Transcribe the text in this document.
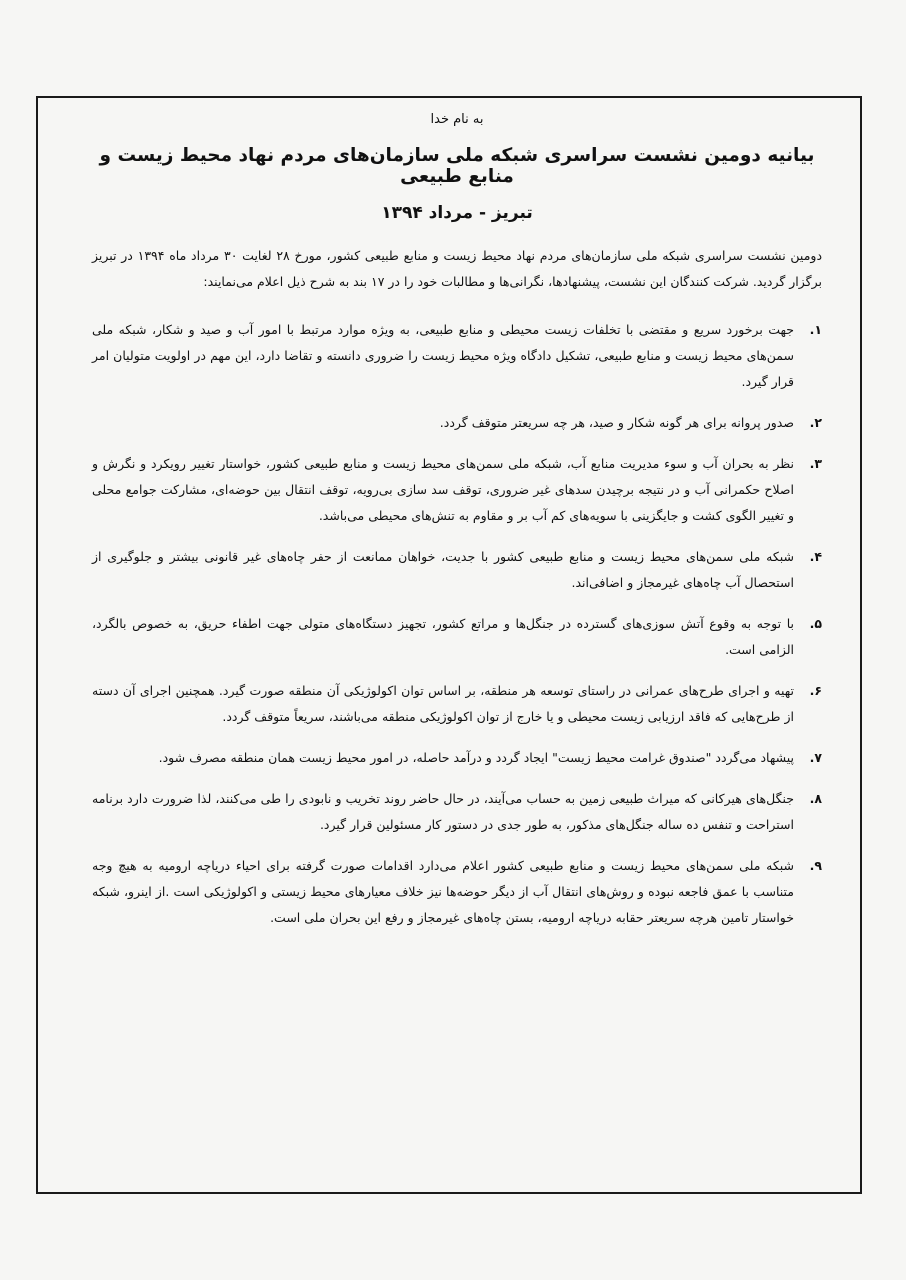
به نام خدا
بیانیه دومین نشست سراسری شبکه ملی سازمان‌های مردم نهاد محیط زیست و منابع طبیعی
تبریز - مرداد ۱۳۹۴
دومین نشست سراسری شبکه ملی سازمان‌های مردم نهاد محیط زیست و منابع طبیعی کشور، مورخ ۲۸ لغایت ۳۰ مرداد ماه ۱۳۹۴ در تبریز برگزار گردید. شرکت کنندگان این نشست، پیشنهادها، نگرانی‌ها و مطالبات خود را در ۱۷ بند به شرح ذیل اعلام می‌نمایند:
۱.
جهت برخورد سریع و مقتضی با تخلفات زیست محیطی و منابع طبیعی، به ویژه موارد مرتبط با امور آب و صید و شکار، شبکه ملی سمن‌های محیط زیست و منابع طبیعی، تشکیل دادگاه ویژه محیط زیست را ضروری دانسته و تقاضا دارد، این مهم در اولویت متولیان امر قرار گیرد.
۲.
صدور پروانه برای هر گونه شکار و صید، هر چه سریعتر متوقف گردد.
۳.
نظر به بحران آب و سوء مدیریت منابع آب، شبکه ملی سمن‌های محیط زیست و منابع طبیعی کشور، خواستار تغییر رویکرد و نگرش و اصلاح حکمرانی آب و در نتیجه برچیدن سدهای غیر ضروری، توقف سد سازی بی‌رویه، توقف انتقال بین حوضه‌ای، مشارکت جوامع محلی و تغییر الگوی کشت و جایگزینی با سویه‌های کم آب بر و مقاوم به تنش‌های محیطی می‌باشد.
۴.
شبکه ملی سمن‌های محیط زیست و منابع طبیعی کشور با جدیت، خواهان ممانعت از حفر چاه‌های غیر قانونی بیشتر و جلوگیری از استحصال آب چاه‌های غیرمجاز و اضافی‌اند.
۵.
با توجه به وقوع آتش سوزی‌های گسترده در جنگل‌ها و مراتع کشور، تجهیز دستگاه‌های متولی جهت اطفاء حریق، به خصوص بالگرد، الزامی است.
۶.
تهیه و اجرای طرح‌های عمرانی در راستای توسعه هر منطقه، بر اساس توان اکولوژیکی آن منطقه صورت گیرد. همچنین اجرای آن دسته از طرح‌هایی که فاقد ارزیابی زیست محیطی و یا خارج از توان اکولوژیکی منطقه می‌باشند، سریعاً متوقف گردد.
۷.
پیشهاد می‌گردد "صندوق غرامت محیط زیست" ایجاد گردد و درآمد حاصله، در امور محیط زیست همان منطقه مصرف شود.
۸.
جنگل‌های هیرکانی که میراث طبیعی زمین به حساب می‌آیند، در حال حاضر روند تخریب و نابودی را طی می‌کنند، لذا ضرورت دارد برنامه استراحت و تنفس ده ساله جنگل‌های مذکور، به طور جدی در دستور کار مسئولین قرار گیرد.
۹.
شبکه ملی سمن‌های محیط زیست و منابع طبیعی کشور اعلام می‌دارد اقدامات صورت گرفته برای احیاء دریاچه ارومیه به هیچ وجه متناسب با عمق فاجعه نبوده و روش‌های انتقال آب از دیگر حوضه‌ها نیز خلاف معیارهای محیط زیستی و اکولوژیکی است .از اینرو، شبکه خواستار تامین هرچه سریعتر حقابه دریاچه ارومیه، بستن چاه‌های غیرمجاز و رفع این بحران ملی است.
